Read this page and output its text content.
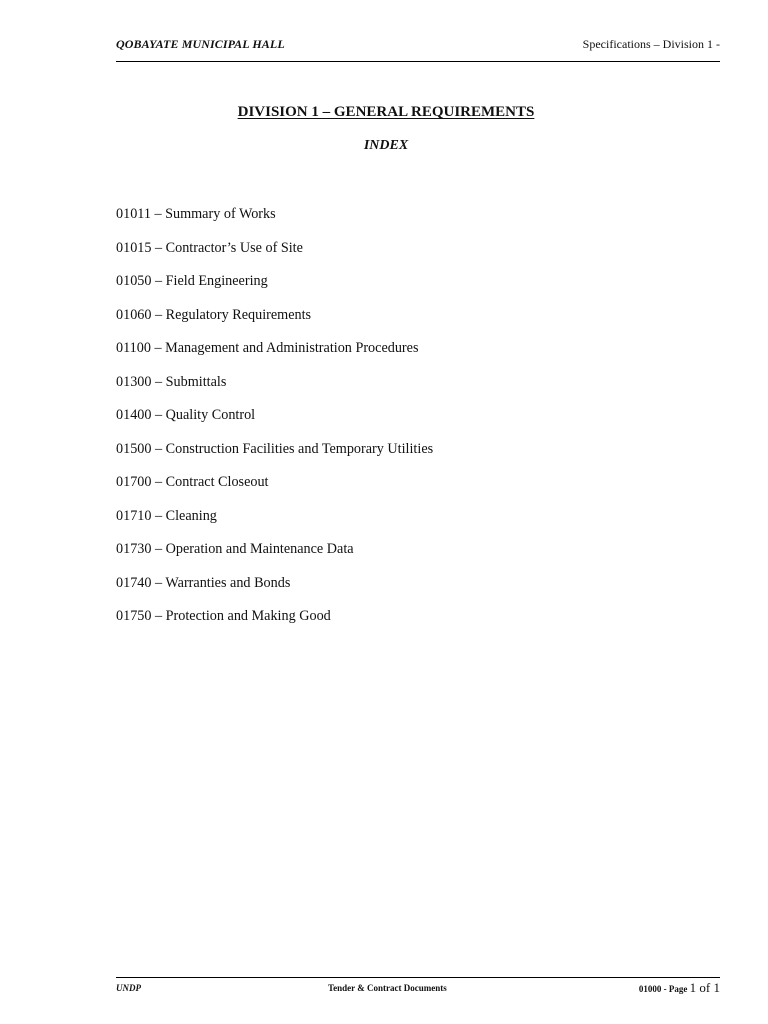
QOBAYATE MUNICIPAL HALL	Specifications – Division 1 -
DIVISION 1 – GENERAL REQUIREMENTS
INDEX
01011 – Summary of Works
01015 – Contractor’s Use of Site
01050 – Field Engineering
01060 – Regulatory Requirements
01100 – Management and Administration Procedures
01300 – Submittals
01400 – Quality Control
01500 – Construction Facilities and Temporary Utilities
01700 – Contract Closeout
01710 – Cleaning
01730 – Operation and Maintenance Data
01740 – Warranties and Bonds
01750 – Protection and Making Good
UNDP	Tender & Contract Documents	01000 - Page 1 of 1
